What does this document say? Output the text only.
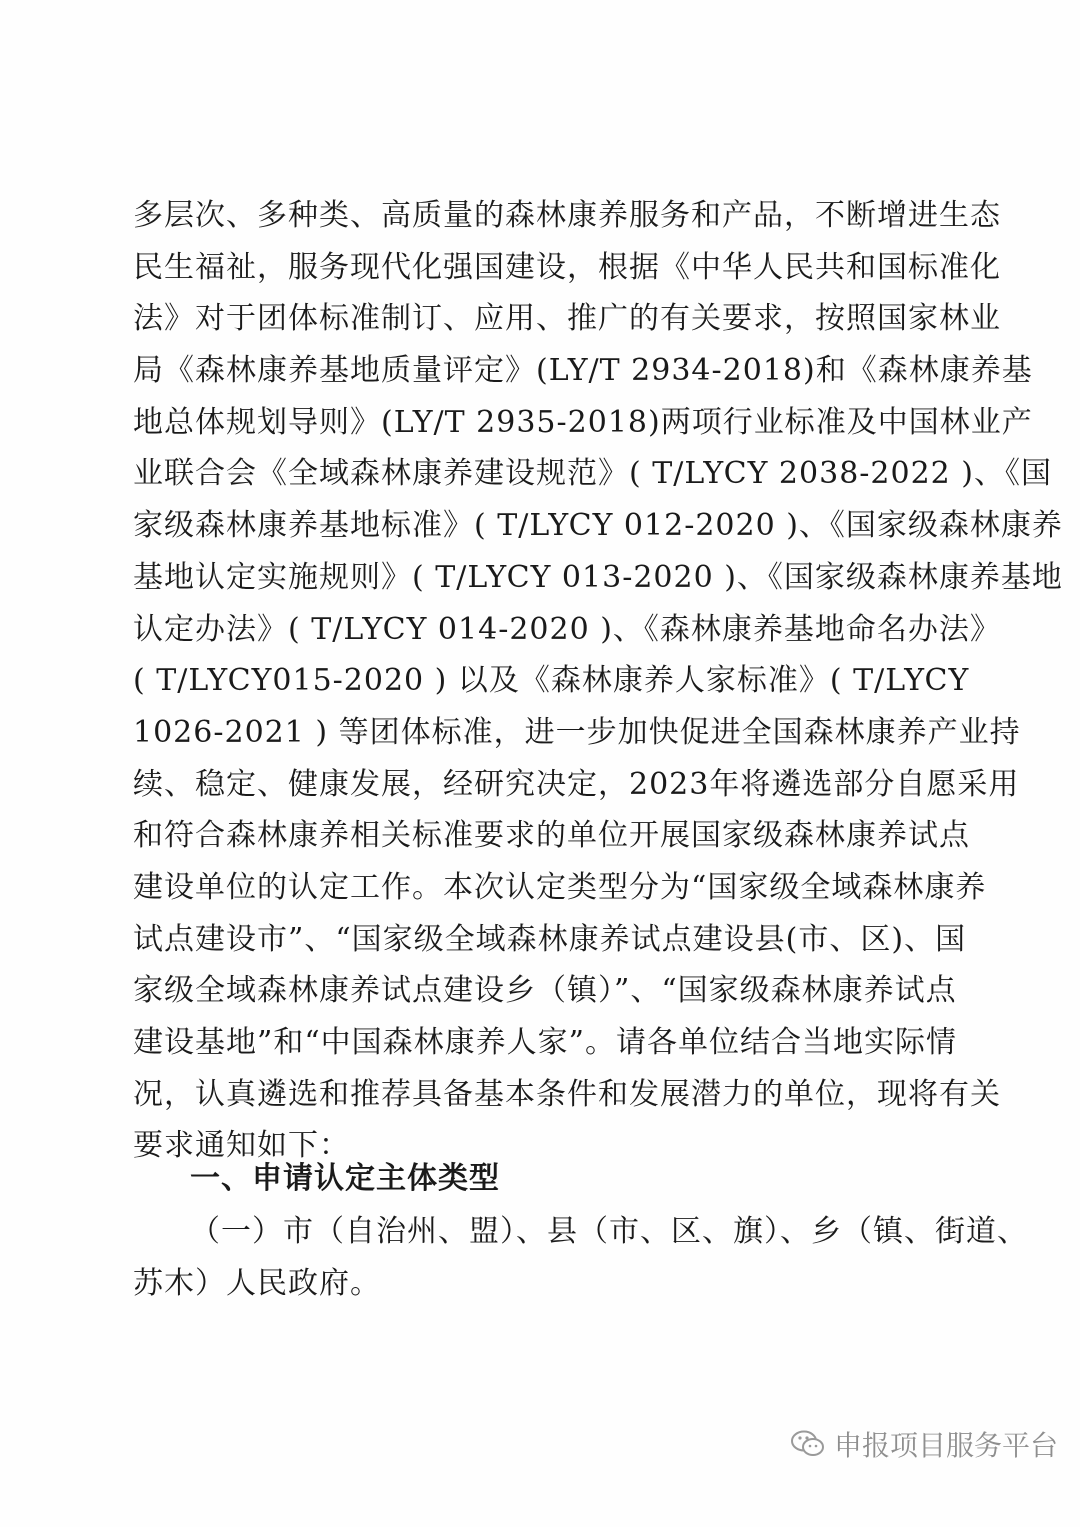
多层次、多种类、高质量的森林康养服务和产品，不断增进生态
民生福祉，服务现代化强国建设，根据《中华人民共和国标准化
法》对于团体标准制订、应用、推广的有关要求，按照国家林业
局《森林康养基地质量评定》(LY/T 2934-2018)和《森林康养基
地总体规划导则》(LY/T 2935-2018)两项行业标准及中国林业产
业联合会《全域森林康养建设规范》( T/LYCY 2038-2022 )、《国
家级森林康养基地标准》( T/LYCY 012-2020 )、《国家级森林康养
基地认定实施规则》( T/LYCY 013-2020 )、《国家级森林康养基地
认定办法》( T/LYCY 014-2020 )、《森林康养基地命名办法》
( T/LYCY015-2020 ) 以及《森林康养人家标准》( T/LYCY
1026-2021 ) 等团体标准，进一步加快促进全国森林康养产业持
续、稳定、健康发展，经研究决定，2023年将遴选部分自愿采用
和符合森林康养相关标准要求的单位开展国家级森林康养试点
建设单位的认定工作。本次认定类型分为“国家级全域森林康养
试点建设市”、“国家级全域森林康养试点建设县(市、区)、国
家级全域森林康养试点建设乡（镇）”、“国家级森林康养试点
建设基地”和“中国森林康养人家”。请各单位结合当地实际情
况，认真遴选和推荐具备基本条件和发展潜力的单位，现将有关
要求通知如下：
一、申请认定主体类型
（一）市（自治州、盟）、县（市、区、旗）、乡（镇、街道、
苏木）人民政府。
申报项目服务平台
